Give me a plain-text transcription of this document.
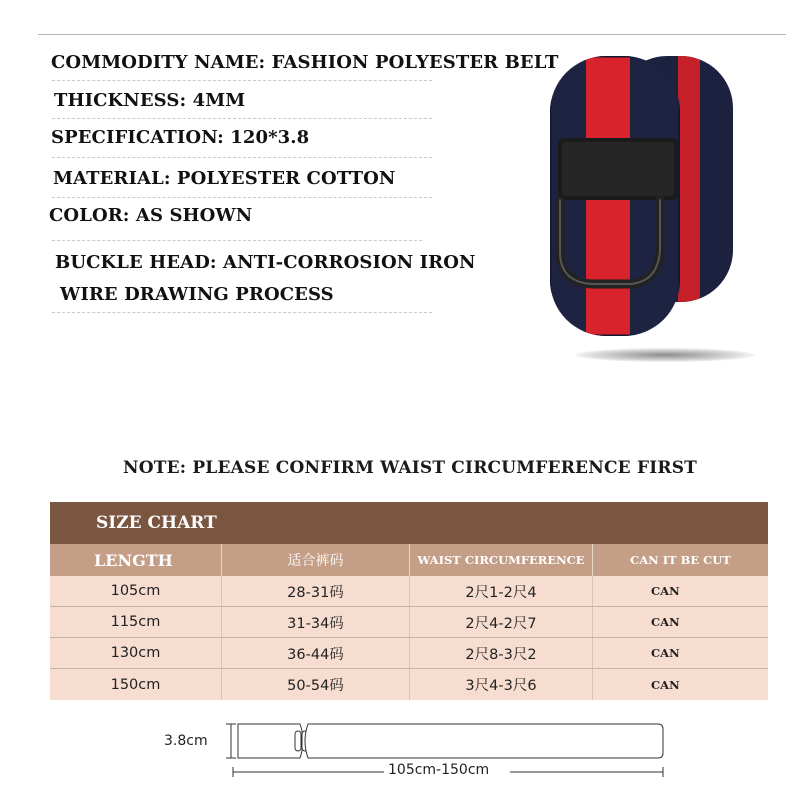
COMMODITY NAME: FASHION POLYESTER BELT
THICKNESS: 4MM
SPECIFICATION: 120*3.8
MATERIAL: POLYESTER COTTON
COLOR: AS SHOWN
BUCKLE HEAD: ANTI-CORROSION IRON
WIRE DRAWING PROCESS
NOTE: PLEASE CONFIRM WAIST CIRCUMFERENCE FIRST
SIZE CHART
LENGTH	适合裤码	WAIST CIRCUMFERENCE	CAN IT BE CUT
105cm	28-31码	2尺1-2尺4	CAN
115cm	31-34码	2尺4-2尺7	CAN
130cm	36-44码	2尺8-3尺2	CAN
150cm	50-54码	3尺4-3尺6	CAN
3.8cm
105cm-150cm
